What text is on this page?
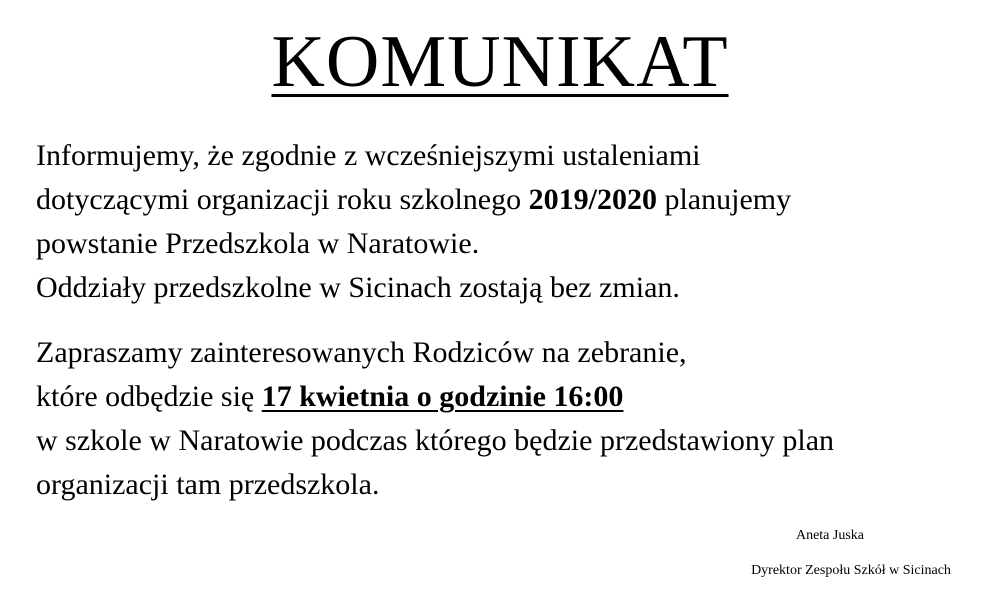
KOMUNIKAT

Informujemy, że zgodnie z wcześniejszymi ustaleniami
dotyczącymi organizacji roku szkolnego 2019/2020 planujemy
powstanie Przedszkola w Naratowie.
Oddziały przedszkolne w Sicinach zostają bez zmian.

Zapraszamy zainteresowanych Rodziców na zebranie,
które odbędzie się 17 kwietnia o godzinie 16:00
w szkole w Naratowie podczas którego będzie przedstawiony plan
organizacji tam przedszkola.

Aneta Juska
Dyrektor Zespołu Szkół w Sicinach
